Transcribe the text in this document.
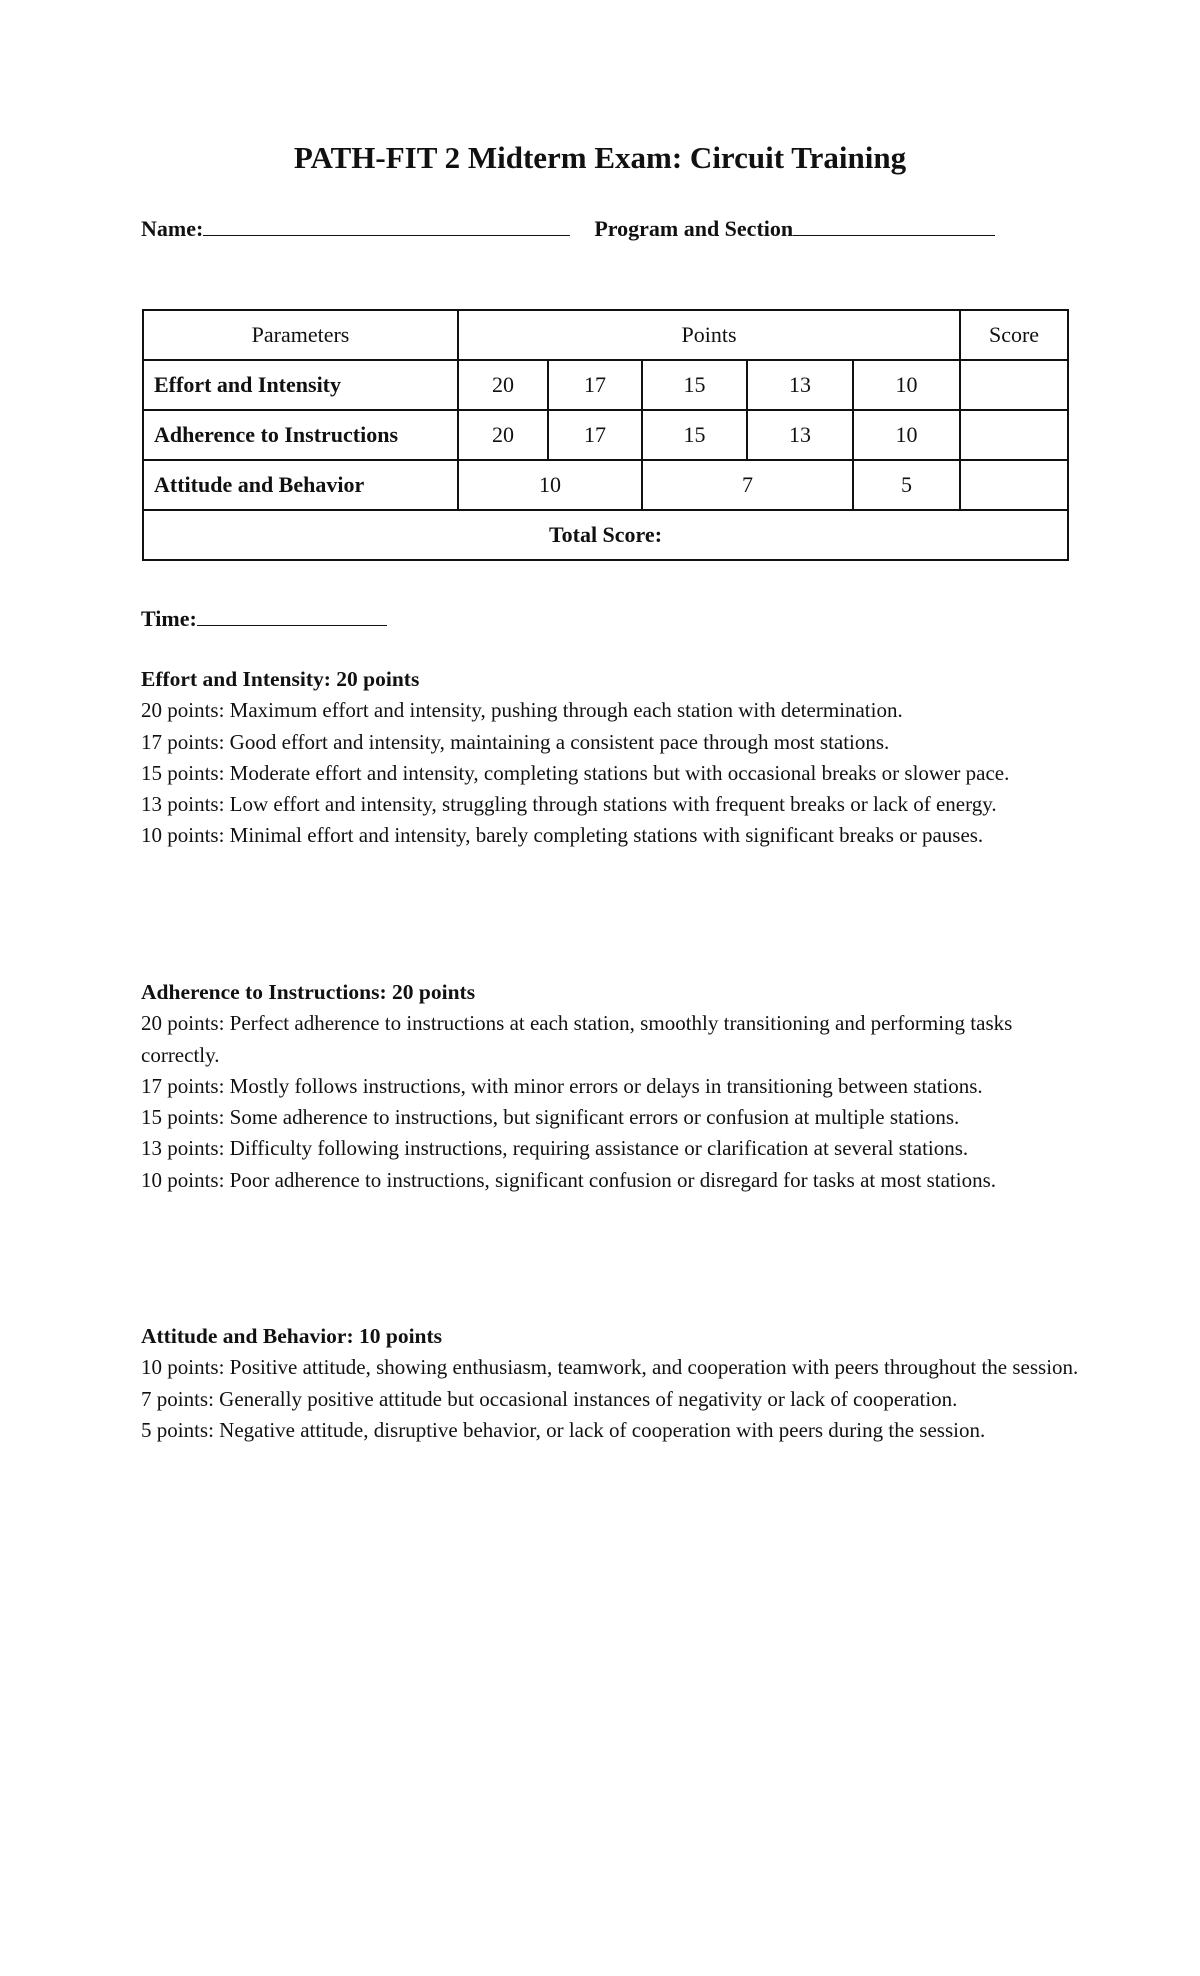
PATH-FIT 2 Midterm Exam: Circuit Training
Name:	Program and Section
Parameters	Points					Score
Effort and Intensity	20	17	15	13	10	
Adherence to Instructions	20	17	15	13	10	
Attitude and Behavior	10		7		5	
Total Score:						
Time:
Effort and Intensity: 20 points

20 points: Maximum effort and intensity, pushing through each station with determination.

17 points: Good effort and intensity, maintaining a consistent pace through most stations.

15 points: Moderate effort and intensity, completing stations but with occasional breaks or slower pace.

13 points: Low effort and intensity, struggling through stations with frequent breaks or lack of energy.

10 points: Minimal effort and intensity, barely completing stations with significant breaks or pauses.

Adherence to Instructions: 20 points

20 points: Perfect adherence to instructions at each station, smoothly transitioning and performing tasks correctly.

17 points: Mostly follows instructions, with minor errors or delays in transitioning between stations.

15 points: Some adherence to instructions, but significant errors or confusion at multiple stations.

13 points: Difficulty following instructions, requiring assistance or clarification at several stations.

10 points: Poor adherence to instructions, significant confusion or disregard for tasks at most stations.

Attitude and Behavior: 10 points

10 points: Positive attitude, showing enthusiasm, teamwork, and cooperation with peers throughout the session.

7 points: Generally positive attitude but occasional instances of negativity or lack of cooperation.

5 points: Negative attitude, disruptive behavior, or lack of cooperation with peers during the session.
